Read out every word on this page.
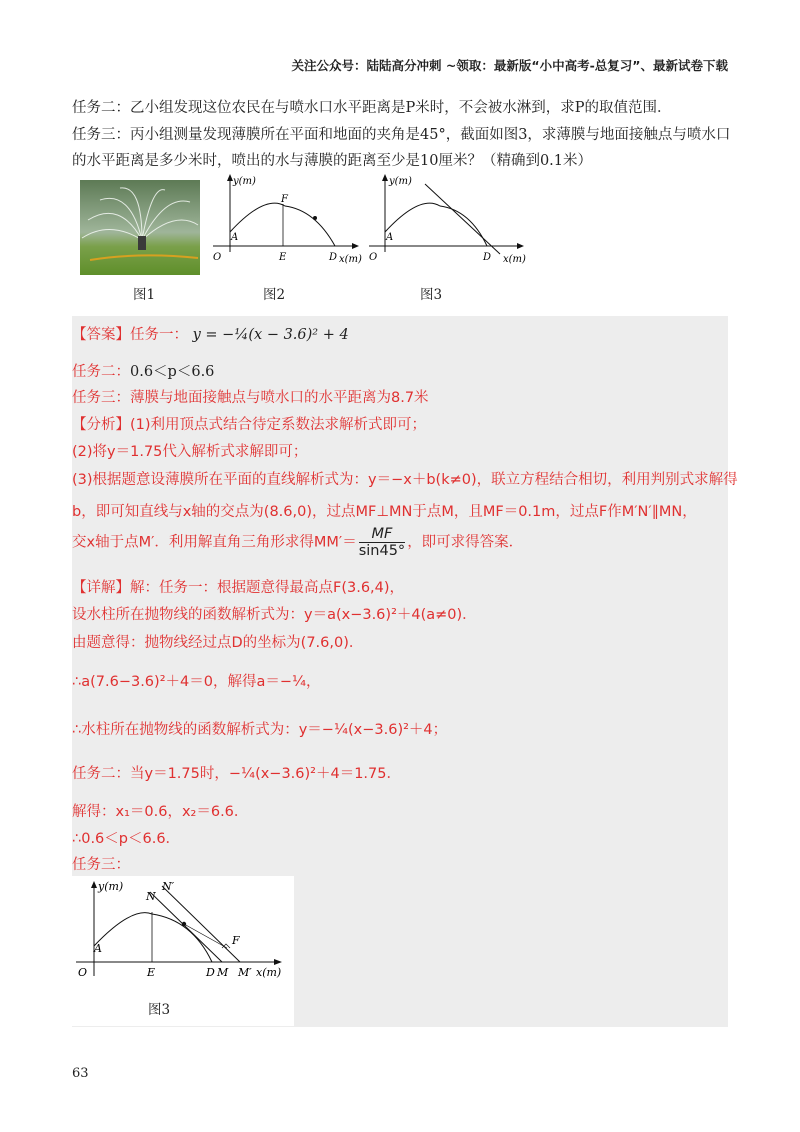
关注公众号：陆陆高分冲刺 ~领取：最新版“小中高考-总复习”、最新试卷下载
任务二：乙小组发现这位农民在与喷水口水平距离是P米时，不会被水淋到，求P的取值范围．
任务三：丙小组测量发现薄膜所在平面和地面的夹角是45°，截面如图3，求薄膜与地面接触点与喷水口
的水平距离是多少米时，喷出的水与薄膜的距离至少是10厘米？（精确到0.1米）
图1
y(m)
A
O	E
F
D x(m)
图2
y(m)
A
O	D x(m)
图3
【答案】任务一： y = −¼(x − 3.6)² + 4
任务二：0.6＜p＜6.6
任务三：薄膜与地面接触点与喷水口的水平距离为8.7米
【分析】(1)利用顶点式结合待定系数法求解析式即可；
(2)将y＝1.75代入解析式求解即可；
(3)根据题意设薄膜所在平面的直线解析式为：y＝−x＋b(k≠0)，联立方程结合相切，利用判别式求解得
b，即可知直线与x轴的交点为(8.6,0)，过点MF⊥MN于点M，且MF＝0.1m，过点F作M′N′∥MN，
交x轴于点M′．利用解直角三角形求得$MM'= \frac{MF}{\sin 45^\circ}$ ，即可求得答案．
【详解】解：任务一：根据题意得最高点F(3.6,4)，
设水柱所在抛物线的函数解析式为：y＝a(x−3.6)²＋4(a≠0)．
由题意得：抛物线经过点D的坐标为(7.6,0)．
∴a(7.6−3.6)²＋4＝0，解得a＝−¼，
∴水柱所在抛物线的函数解析式为：y＝−¼(x−3.6)²＋4；
任务二：当y＝1.75时，−¼(x−3.6)²＋4＝1.75．
解得：x₁＝0.6，x₂＝6.6．
∴0.6＜p＜6.6．
任务三：
y(m)
A
O	E
N
N′
F
D M M′ x(m)
图3
63
